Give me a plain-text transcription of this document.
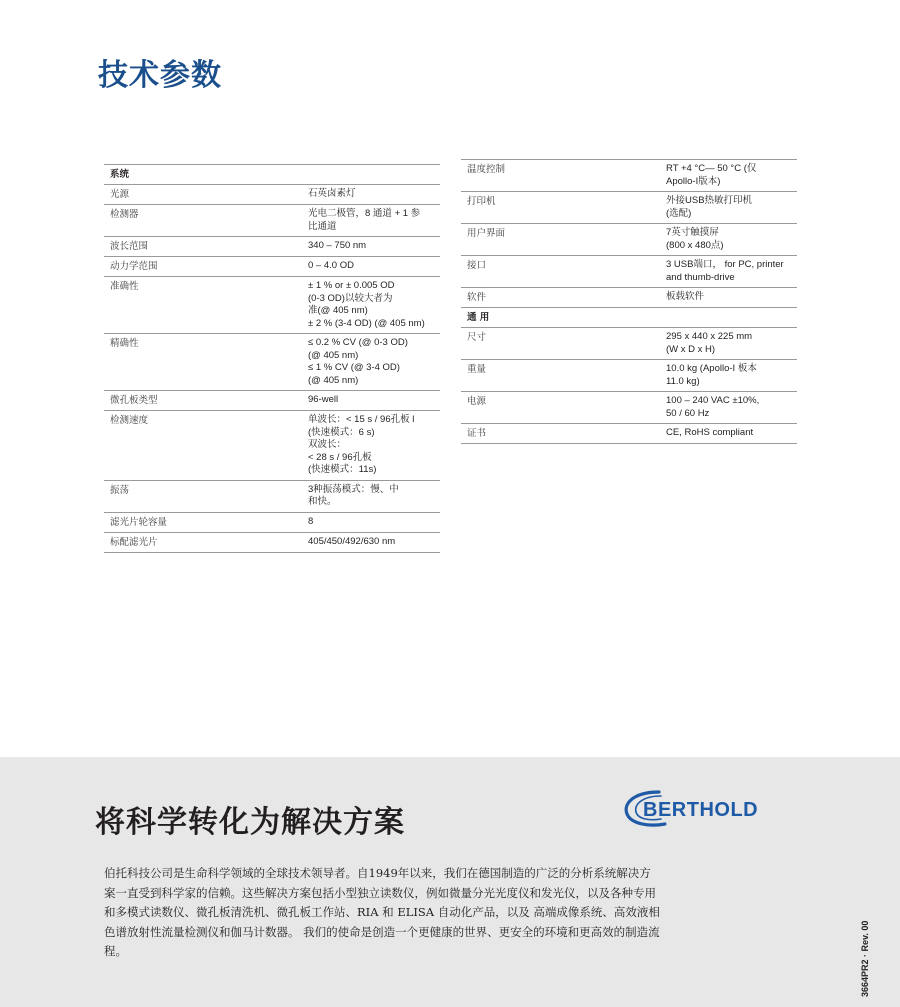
技术参数
系统
光源	石英卤素灯
检测器	光电二极管，8 通道 + 1 参
比通道
波长范围	340 – 750 nm
动力学范围	0 – 4.0 OD
准确性	± 1 % or ± 0.005 OD
(0-3 OD)以较大者为
准(@ 405 nm)
± 2 % (3-4 OD) (@ 405 nm)
精确性	≤ 0.2 % CV (@ 0-3 OD)
(@ 405 nm)
≤ 1 % CV (@ 3-4 OD)
(@ 405 nm)
微孔板类型	96-well
检测速度	单波长：< 15 s / 96孔板 l
(快速模式：6 s)
双波长：
< 28 s / 96孔板
(快速模式：11s)

振荡	3种振荡模式：慢、中
和快。
滤光片轮容量	8
标配滤光片	405/450/492/630 nm
温度控制	RT +4 °C— 50 °C (仅
Apollo-I版本)
打印机	外接USB热敏打印机
(选配)
用户界面	7英寸触摸屏
(800 x 480点)
接口	3 USB端口， for PC, printer
and thumb-drive
软件	板载软件
通 用
尺寸	295 x 440 x 225 mm
(W x D x H)
重量	10.0 kg (Apollo-I 板本
11.0 kg)
电源	100 – 240 VAC ±10%,
50 / 60 Hz
证书	CE, RoHS compliant
将科学转化为解决方案	BERTHOLD
伯托科技公司是生命科学领域的全球技术领导者。自1949年以来，我们在德国制造的广泛的分析系统解决方案一直受到科学家的信赖。这些解决方案包括小型独立读数仪，例如微量分光光度仪和发光仪，以及各种专用和多模式读数仪、微孔板清洗机、微孔板工作站、RIA 和 ELISA 自动化产品，以及 高端成像系统、高效液相色谱放射性流量检测仪和伽马计数器。 我们的使命是创造一个更健康的世界、更安全的环境和更高效的制造流程。	3664PR2 · Rev. 00
